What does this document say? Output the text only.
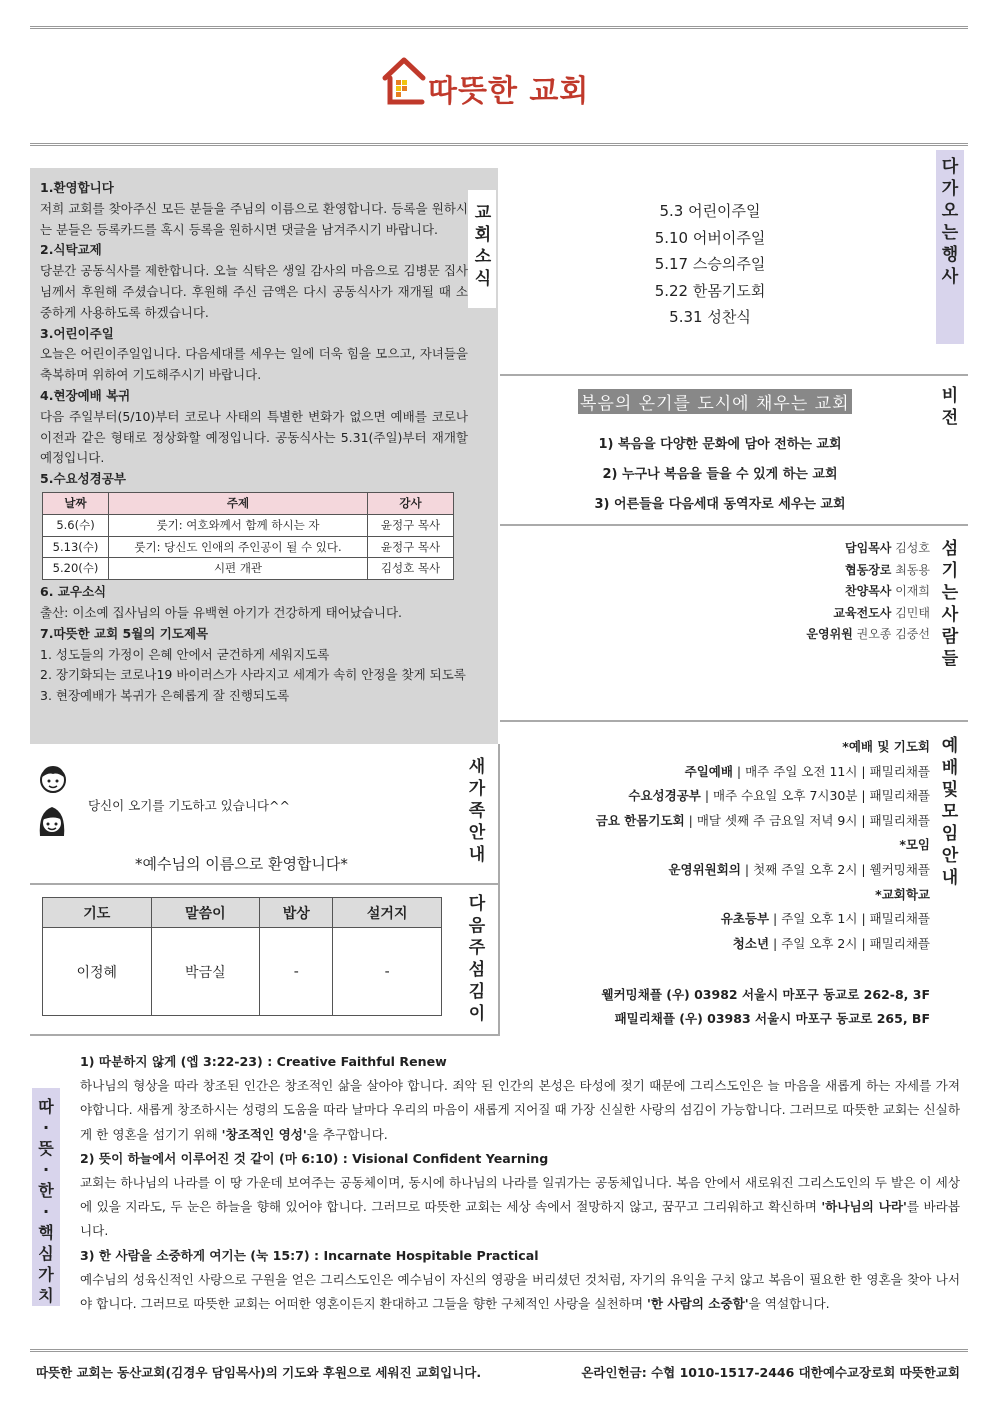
따뜻한 교회
1.환영합니다
저희 교회를 찾아주신 모든 분들을 주님의 이름으로 환영합니다. 등록을 원하시는 분들은 등록카드를 혹시 등록을 원하시면 댓글을 남겨주시기 바랍니다.
2.식탁교제
당분간 공동식사를 제한합니다. 오늘 식탁은 생일 감사의 마음으로 김병문 집사님께서 후원해 주셨습니다. 후원해 주신 금액은 다시 공동식사가 재개될 때 소중하게 사용하도록 하겠습니다.
3.어린이주일
오늘은 어린이주일입니다. 다음세대를 세우는 일에 더욱 힘을 모으고, 자녀들을 축복하며 위하여 기도해주시기 바랍니다.
4.현장예배 복귀
다음 주일부터(5/10)부터 코로나 사태의 특별한 변화가 없으면 예배를 코로나 이전과 같은 형태로 정상화할 예정입니다. 공동식사는 5.31(주일)부터 재개할 예정입니다.
5.수요성경공부
날짜	주제	강사
5.6(수)	룻기: 여호와께서 함께 하시는 자	윤정구 목사
5.13(수)	룻기: 당신도 인애의 주인공이 될 수 있다.	윤정구 목사
5.20(수)	시편 개관	김성호 목사
6. 교우소식
출산: 이소예 집사님의 아들 유백현 아기가 건강하게 태어났습니다.
7.따뜻한 교회 5월의 기도제목
1. 성도들의 가정이 은혜 안에서 굳건하게 세워지도록
2. 장기화되는 코로나19 바이러스가 사라지고 세계가 속히 안정을 찾게 되도록
3. 현장예배가 복귀가 은혜롭게 잘 진행되도록
교
회
소
식
다
가
오
는
행
사
5.3 어린이주일
5.10 어버이주일
5.17 스승의주일
5.22 한몸기도회
5.31 성찬식
복음의 온기를 도시에 채우는 교회	비
전
1) 복음을 다양한 문화에 담아 전하는 교회
2) 누구나 복음을 들을 수 있게 하는 교회
3) 어른들을 다음세대 동역자로 세우는 교회
섬
기
는
사
람
들
담임목사 김성호
협동장로 최동용
찬양목사 이재희
교육전도사 김민태
운영위원 권오종 김중선
예
배
및
모
임
안
내
*예배 및 기도회
주일예배 | 매주 주일 오전 11시 | 패밀리채플
수요성경공부 | 매주 수요일 오후 7시30분 | 패밀리채플
금요 한몸기도회 | 매달 셋째 주 금요일 저녁 9시 | 패밀리채플
*모임
운영위원회의 | 첫째 주일 오후 2시 | 웰커밍채플
*교회학교
유초등부 | 주일 오후 1시 | 패밀리채플
청소년 | 주일 오후 2시 | 패밀리채플
웰커밍채플 (우) 03982 서울시 마포구 동교로 262-8, 3F
패밀리채플 (우) 03983 서울시 마포구 동교로 265, BF
새
가
족
안
내
당신이 오기를 기도하고 있습니다^^
*예수님의 이름으로 환영합니다*
다
음
주
섬
김
이
기도	말씀이	밥상	설거지
이정혜	박금실	-	-
따
·
뜻
·
한
·
핵
심
가
치
1) 따분하지 않게 (엡 3:22-23) : Creative Faithful Renew
하나님의 형상을 따라 창조된 인간은 창조적인 삶을 살아야 합니다. 죄악 된 인간의 본성은 타성에 젖기 때문에 그리스도인은 늘 마음을 새롭게 하는 자세를 가져야합니다. 새롭게 창조하시는 성령의 도움을 따라 날마다 우리의 마음이 새롭게 지어질 때 가장 신실한 사랑의 섬김이 가능합니다. 그러므로 따뜻한 교회는 신실하게 한 영혼을 섬기기 위해 '창조적인 영성'을 추구합니다.
2) 뜻이 하늘에서 이루어진 것 같이 (마 6:10) : Visional Confident Yearning
교회는 하나님의 나라를 이 땅 가운데 보여주는 공동체이며, 동시에 하나님의 나라를 일궈가는 공동체입니다. 복음 안에서 새로워진 그리스도인의 두 발은 이 세상에 있을 지라도, 두 눈은 하늘을 향해 있어야 합니다. 그러므로 따뜻한 교회는 세상 속에서 절망하지 않고, 꿈꾸고 그리워하고 확신하며 '하나님의 나라'를 바라봅니다.
3) 한 사람을 소중하게 여기는 (눅 15:7) : Incarnate Hospitable Practical
예수님의 성육신적인 사랑으로 구원을 얻은 그리스도인은 예수님이 자신의 영광을 버리셨던 것처럼, 자기의 유익을 구치 않고 복음이 필요한 한 영혼을 찾아 나서야 합니다. 그러므로 따뜻한 교회는 어떠한 영혼이든지 환대하고 그들을 향한 구체적인 사랑을 실천하며 '한 사람의 소중함'을 역설합니다.
따뜻한 교회는 동산교회(김경우 담임목사)의 기도와 후원으로 세워진 교회입니다.	온라인헌금: 수협 1010-1517-2446 대한예수교장로회 따뜻한교회
